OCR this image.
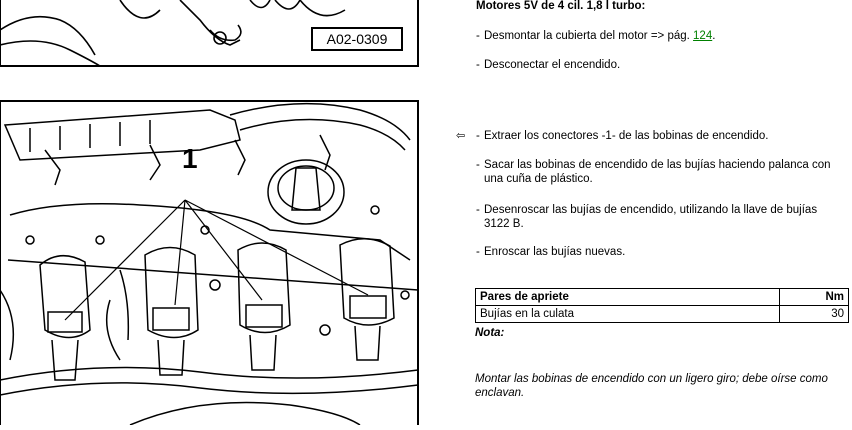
A02-0309
1
Motores 5V de 4 cil. 1,8 l turbo:
- Desmontar la cubierta del motor => pág. 124.
- Desconectar el encendido.
⇦ - Extraer los conectores -1- de las bobinas de encendido.
- Sacar las bobinas de encendido de las bujías haciendo palanca con una cuña de plástico.
- Desenroscar las bujías de encendido, utilizando la llave de bujías 3122 B.
- Enroscar las bujías nuevas.
Pares de apriete	Nm
Bujías en la culata	30
Nota:
Montar las bobinas de encendido con un ligero giro; debe oírse como enclavan.
